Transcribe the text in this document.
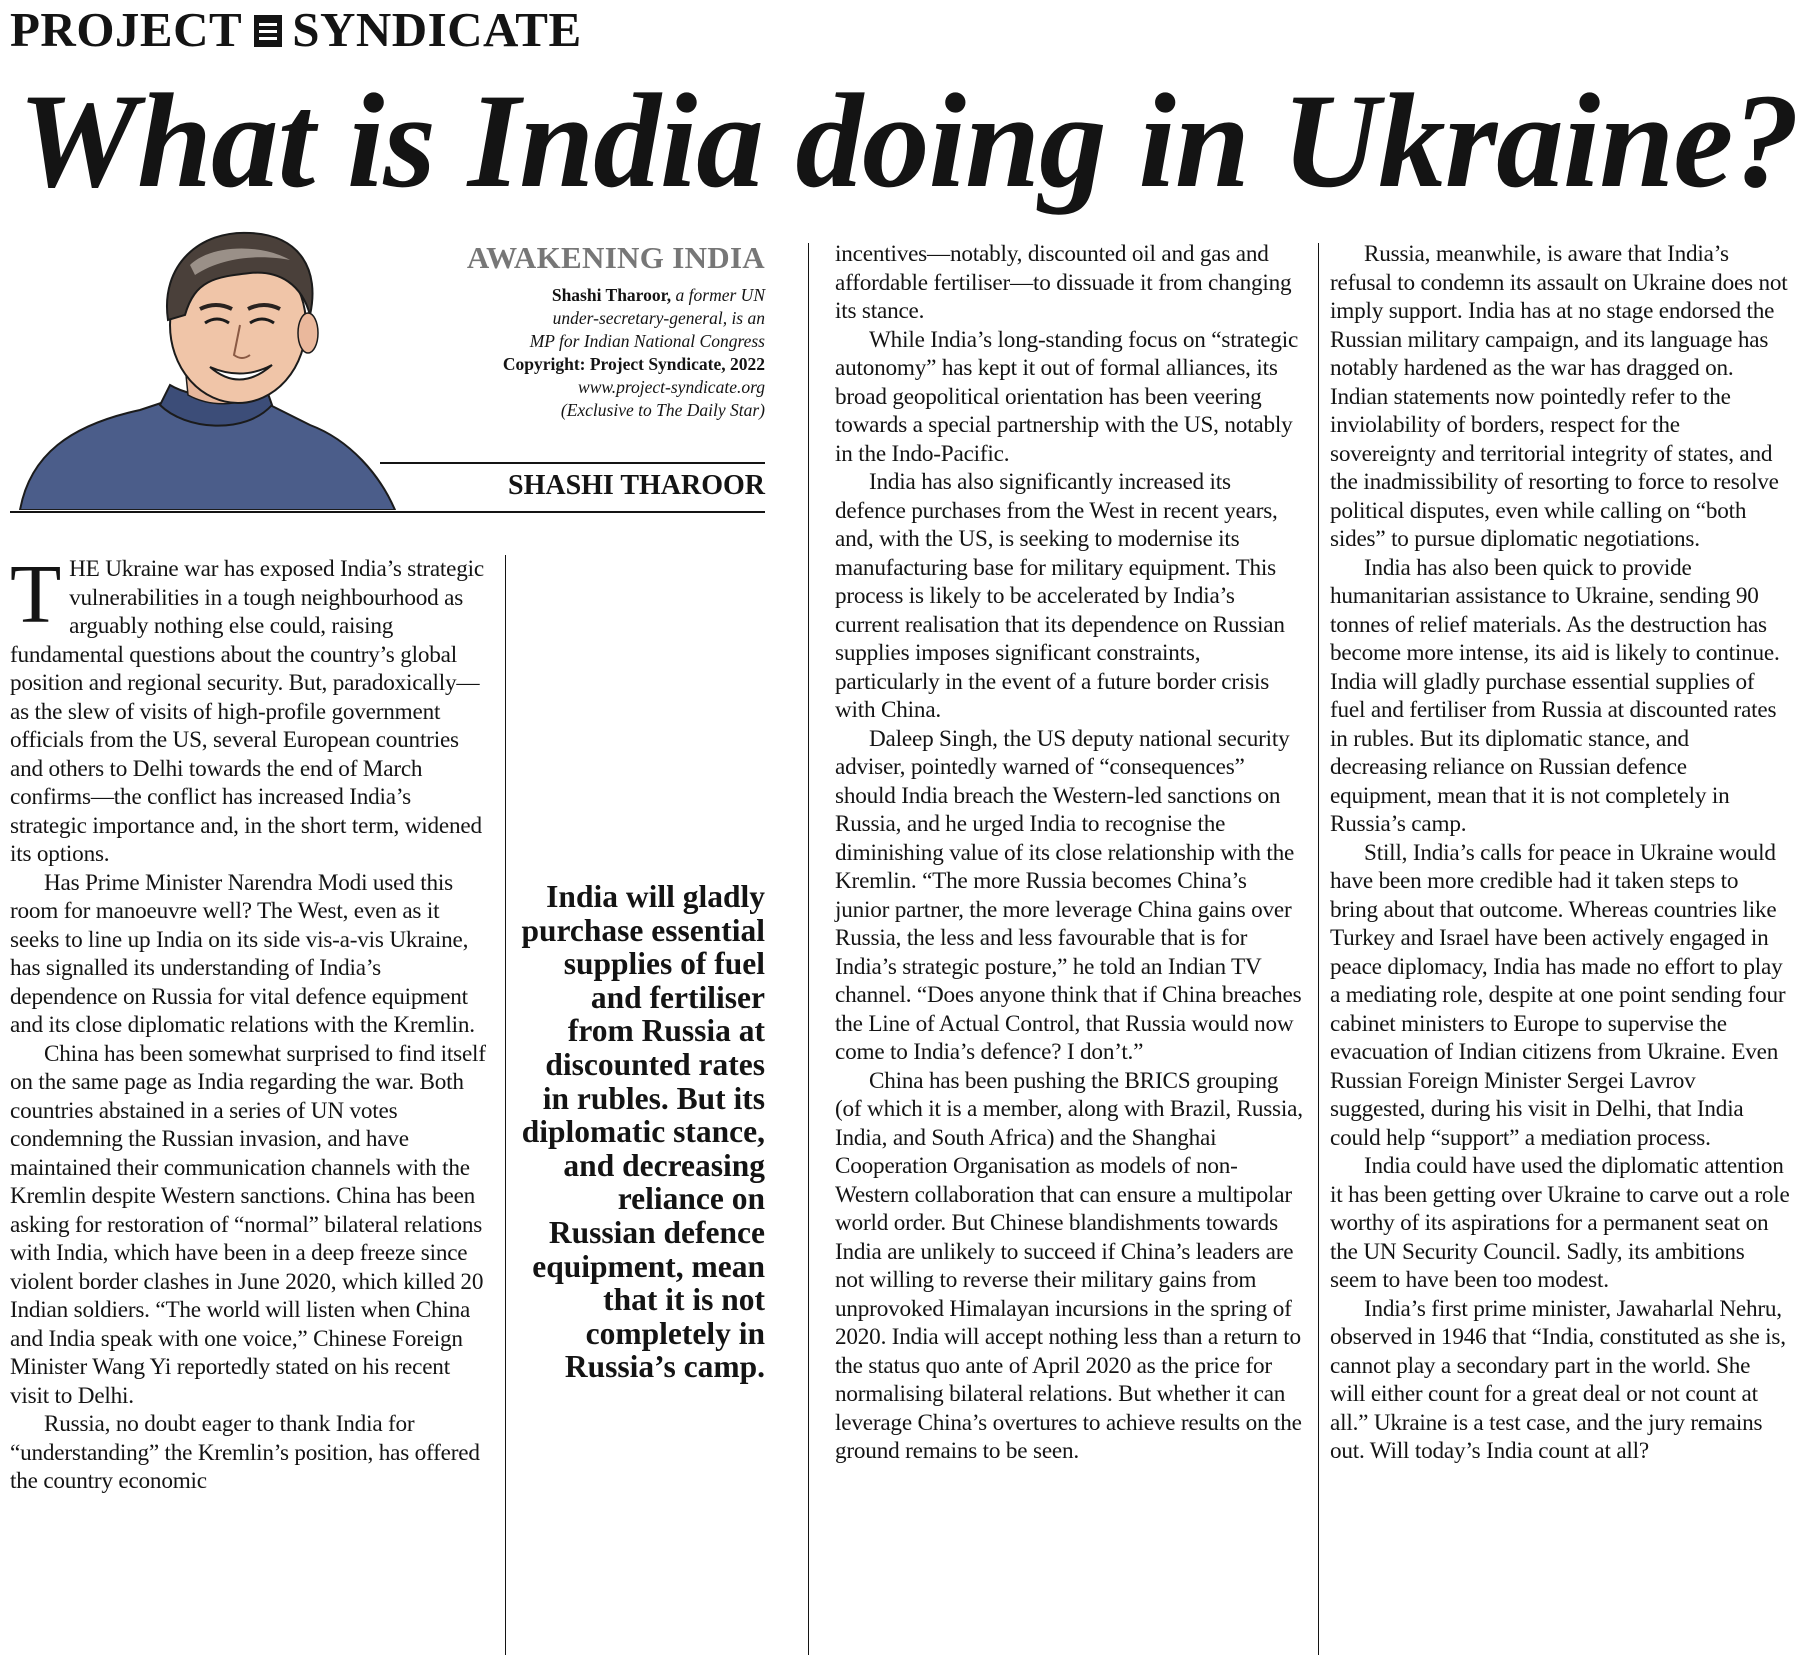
PROJECT SYNDICATE
What is India doing in Ukraine?
AWAKENING INDIA
Shashi Tharoor, a former UN
under-secretary-general, is an
MP for Indian National Congress
Copyright: Project Syndicate, 2022
www.project-syndicate.org
(Exclusive to The Daily Star)
SHASHI THAROOR

THE Ukraine war has exposed India’s strategic vulnerabilities in a tough neighbourhood as arguably nothing else could, raising fundamental questions about the country’s global position and regional security. But, paradoxically—as the slew of visits of high-profile government officials from the US, several European countries and others to Delhi towards the end of March confirms—the conflict has increased India’s strategic importance and, in the short term, widened its options.

Has Prime Minister Narendra Modi used this room for manoeuvre well? The West, even as it seeks to line up India on its side vis-a-vis Ukraine, has signalled its understanding of India’s dependence on Russia for vital defence equipment and its close diplomatic relations with the Kremlin.

China has been somewhat surprised to find itself on the same page as India regarding the war. Both countries abstained in a series of UN votes condemning the Russian invasion, and have maintained their communication channels with the Kremlin despite Western sanctions. China has been asking for restoration of “normal” bilateral relations with India, which have been in a deep freeze since violent border clashes in June 2020, which killed 20 Indian soldiers. “The world will listen when China and India speak with one voice,” Chinese Foreign Minister Wang Yi reportedly stated on his recent visit to Delhi.

Russia, no doubt eager to thank India for “understanding” the Kremlin’s position, has offered the country economic

India will gladly purchase essential supplies of fuel and fertiliser from Russia at discounted rates in rubles. But its diplomatic stance, and decreasing reliance on Russian defence equipment, mean that it is not completely in Russia’s camp.

incentives—notably, discounted oil and gas and affordable fertiliser—to dissuade it from changing its stance.

While India’s long-standing focus on “strategic autonomy” has kept it out of formal alliances, its broad geopolitical orientation has been veering towards a special partnership with the US, notably in the Indo-Pacific.

India has also significantly increased its defence purchases from the West in recent years, and, with the US, is seeking to modernise its manufacturing base for military equipment. This process is likely to be accelerated by India’s current realisation that its dependence on Russian supplies imposes significant constraints, particularly in the event of a future border crisis with China.

Daleep Singh, the US deputy national security adviser, pointedly warned of “consequences” should India breach the Western-led sanctions on Russia, and he urged India to recognise the diminishing value of its close relationship with the Kremlin. “The more Russia becomes China’s junior partner, the more leverage China gains over Russia, the less and less favourable that is for India’s strategic posture,” he told an Indian TV channel. “Does anyone think that if China breaches the Line of Actual Control, that Russia would now come to India’s defence? I don’t.”

China has been pushing the BRICS grouping (of which it is a member, along with Brazil, Russia, India, and South Africa) and the Shanghai Cooperation Organisation as models of non-Western collaboration that can ensure a multipolar world order. But Chinese blandishments towards India are unlikely to succeed if China’s leaders are not willing to reverse their military gains from unprovoked Himalayan incursions in the spring of 2020. India will accept nothing less than a return to the status quo ante of April 2020 as the price for normalising bilateral relations. But whether it can leverage China’s overtures to achieve results on the ground remains to be seen.

Russia, meanwhile, is aware that India’s refusal to condemn its assault on Ukraine does not imply support. India has at no stage endorsed the Russian military campaign, and its language has notably hardened as the war has dragged on. Indian statements now pointedly refer to the inviolability of borders, respect for the sovereignty and territorial integrity of states, and the inadmissibility of resorting to force to resolve political disputes, even while calling on “both sides” to pursue diplomatic negotiations.

India has also been quick to provide humanitarian assistance to Ukraine, sending 90 tonnes of relief materials. As the destruction has become more intense, its aid is likely to continue. India will gladly purchase essential supplies of fuel and fertiliser from Russia at discounted rates in rubles. But its diplomatic stance, and decreasing reliance on Russian defence equipment, mean that it is not completely in Russia’s camp.

Still, India’s calls for peace in Ukraine would have been more credible had it taken steps to bring about that outcome. Whereas countries like Turkey and Israel have been actively engaged in peace diplomacy, India has made no effort to play a mediating role, despite at one point sending four cabinet ministers to Europe to supervise the evacuation of Indian citizens from Ukraine. Even Russian Foreign Minister Sergei Lavrov suggested, during his visit in Delhi, that India could help “support” a mediation process.

India could have used the diplomatic attention it has been getting over Ukraine to carve out a role worthy of its aspirations for a permanent seat on the UN Security Council. Sadly, its ambitions seem to have been too modest.

India’s first prime minister, Jawaharlal Nehru, observed in 1946 that “India, constituted as she is, cannot play a secondary part in the world. She will either count for a great deal or not count at all.” Ukraine is a test case, and the jury remains out. Will today’s India count at all?
